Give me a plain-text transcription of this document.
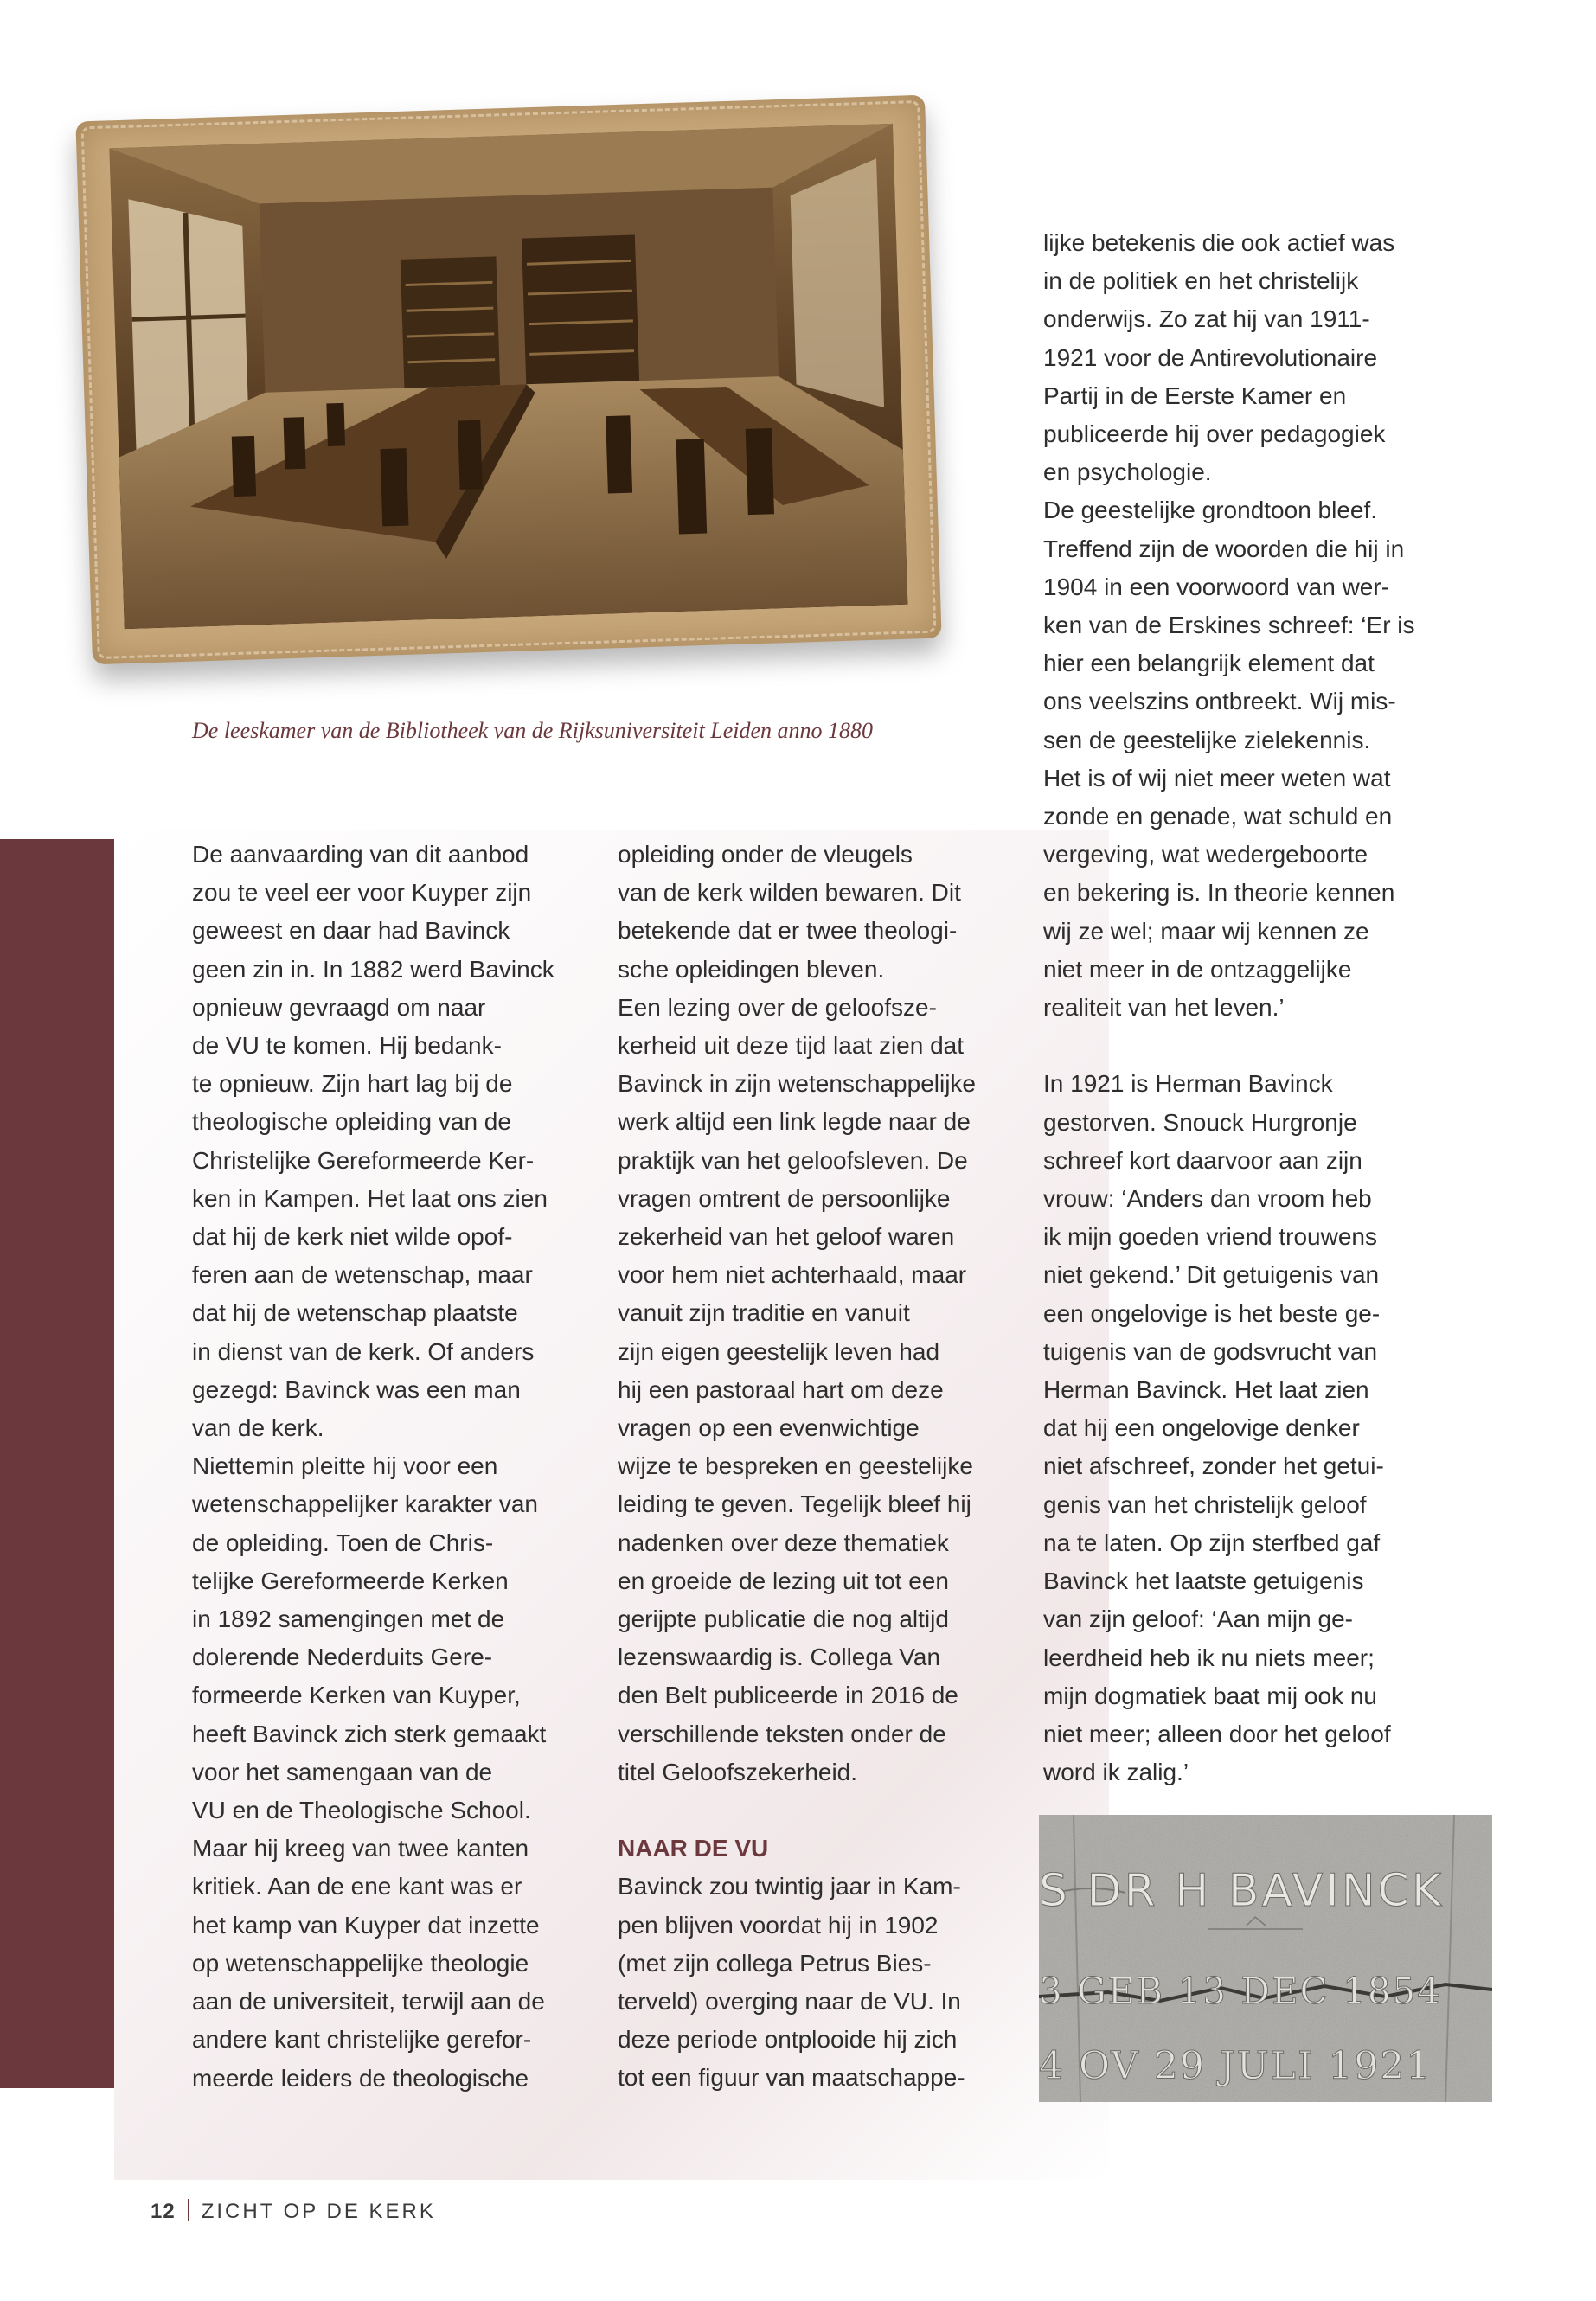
De leeskamer van de Bibliotheek van de Rijksuniversiteit Leiden anno 1880

De aanvaarding van dit aanbod

zou te veel eer voor Kuyper zijn

geweest en daar had Bavinck

geen zin in. In 1882 werd Bavinck

opnieuw gevraagd om naar

de VU te komen. Hij bedank-

te opnieuw. Zijn hart lag bij de

theologische opleiding van de

Christelijke Gereformeerde Ker-

ken in Kampen. Het laat ons zien

dat hij de kerk niet wilde opof-

feren aan de wetenschap, maar

dat hij de wetenschap plaatste

in dienst van de kerk. Of anders

gezegd: Bavinck was een man

van de kerk.

Niettemin pleitte hij voor een

wetenschappelijker karakter van

de opleiding. Toen de Chris-

telijke Gereformeerde Kerken

in 1892 samengingen met de

dolerende Nederduits Gere-

formeerde Kerken van Kuyper,

heeft Bavinck zich sterk gemaakt

voor het samengaan van de

VU en de Theologische School.

Maar hij kreeg van twee kanten

kritiek. Aan de ene kant was er

het kamp van Kuyper dat inzette

op wetenschappelijke theologie

aan de universiteit, terwijl aan de

andere kant christelijke gerefor-

meerde leiders de theologische

opleiding onder de vleugels

van de kerk wilden bewaren. Dit

betekende dat er twee theologi-

sche opleidingen bleven.

Een lezing over de geloofsze-

kerheid uit deze tijd laat zien dat

Bavinck in zijn wetenschappelijke

werk altijd een link legde naar de

praktijk van het geloofsleven. De

vragen omtrent de persoonlijke

zekerheid van het geloof waren

voor hem niet achterhaald, maar

vanuit zijn traditie en vanuit

zijn eigen geestelijk leven had

hij een pastoraal hart om deze

vragen op een evenwichtige

wijze te bespreken en geestelijke

leiding te geven. Tegelijk bleef hij

nadenken over deze thematiek

en groeide de lezing uit tot een

gerijpte publicatie die nog altijd

lezenswaardig is. Collega Van

den Belt publiceerde in 2016 de

verschillende teksten onder de

titel Geloofszekerheid.

NAAR DE VU

Bavinck zou twintig jaar in Kam-

pen blijven voordat hij in 1902

(met zijn collega Petrus Bies-

terveld) overging naar de VU. In

deze periode ontplooide hij zich

tot een figuur van maatschappe-

lijke betekenis die ook actief was

in de politiek en het christelijk

onderwijs. Zo zat hij van 1911-

1921 voor de Antirevolutionaire

Partij in de Eerste Kamer en

publiceerde hij over pedagogiek

en psychologie.

De geestelijke grondtoon bleef.

Treffend zijn de woorden die hij in

1904 in een voorwoord van wer-

ken van de Erskines schreef: ‘Er is

hier een belangrijk element dat

ons veelszins ontbreekt. Wij mis-

sen de geestelijke zielekennis.

Het is of wij niet meer weten wat

zonde en genade, wat schuld en

vergeving, wat wedergeboorte

en bekering is. In theorie kennen

wij ze wel; maar wij kennen ze

niet meer in de ontzaggelijke

realiteit van het leven.’

In 1921 is Herman Bavinck

gestorven. Snouck Hurgronje

schreef kort daarvoor aan zijn

vrouw: ‘Anders dan vroom heb

ik mijn goeden vriend trouwens

niet gekend.’ Dit getuigenis van

een ongelovige is het beste ge-

tuigenis van de godsvrucht van

Herman Bavinck. Het laat zien

dat hij een ongelovige denker

niet afschreef, zonder het getui-

genis van het christelijk geloof

na te laten. Op zijn sterfbed gaf

Bavinck het laatste getuigenis

van zijn geloof: ‘Aan mijn ge-

leerdheid heb ik nu niets meer;

mijn dogmatiek baat mij ook nu

niet meer; alleen door het geloof

word ik zalig.’

S DR H BAVINCK
3 GEB 13 DEC 1854
4 OV 29 JULI 1921
12 ZICHT OP DE KERK
